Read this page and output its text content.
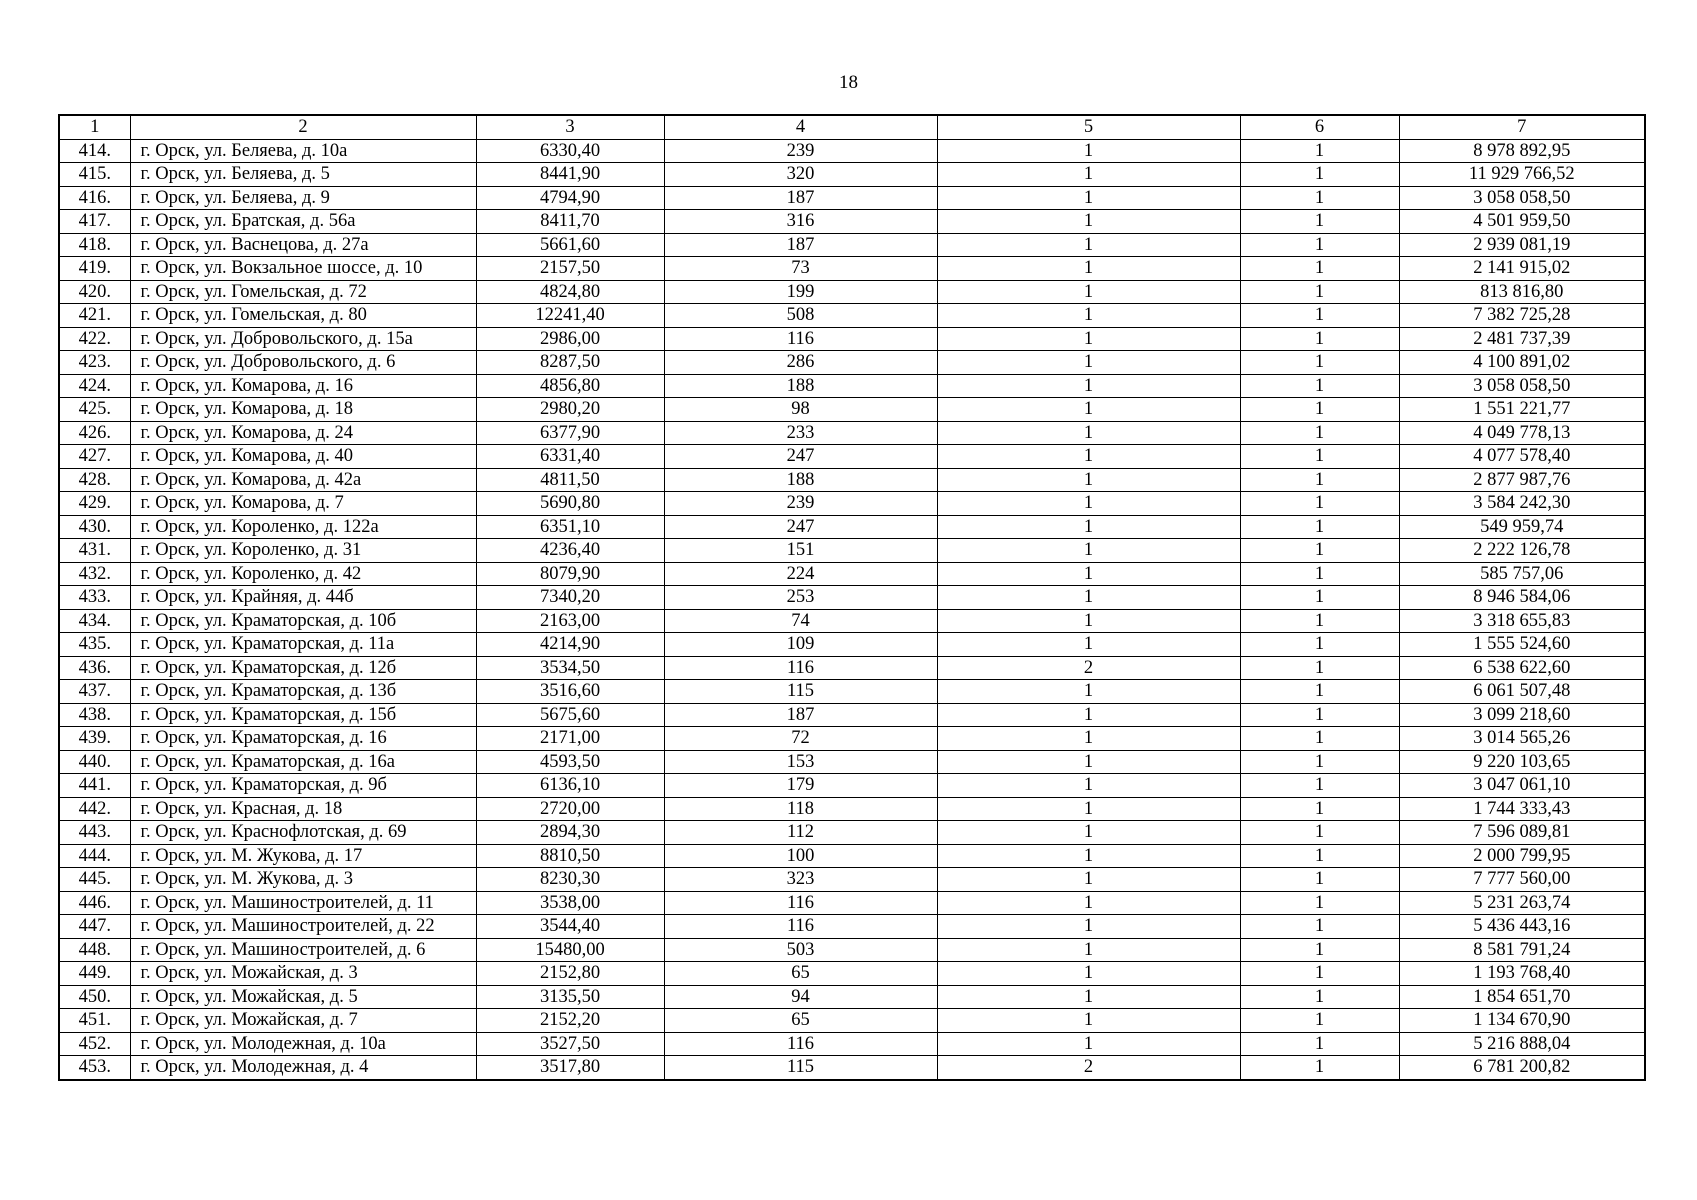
18
1	2	3	4	5	6	7
414.	г. Орск, ул. Беляева, д. 10а	6330,40	239	1	1	8 978 892,95
415.	г. Орск, ул. Беляева, д. 5	8441,90	320	1	1	11 929 766,52
416.	г. Орск, ул. Беляева, д. 9	4794,90	187	1	1	3 058 058,50
417.	г. Орск, ул. Братская, д. 56а	8411,70	316	1	1	4 501 959,50
418.	г. Орск, ул. Васнецова, д. 27а	5661,60	187	1	1	2 939 081,19
419.	г. Орск, ул. Вокзальное шоссе, д. 10	2157,50	73	1	1	2 141 915,02
420.	г. Орск, ул. Гомельская, д. 72	4824,80	199	1	1	813 816,80
421.	г. Орск, ул. Гомельская, д. 80	12241,40	508	1	1	7 382 725,28
422.	г. Орск, ул. Добровольского, д. 15а	2986,00	116	1	1	2 481 737,39
423.	г. Орск, ул. Добровольского, д. 6	8287,50	286	1	1	4 100 891,02
424.	г. Орск, ул. Комарова, д. 16	4856,80	188	1	1	3 058 058,50
425.	г. Орск, ул. Комарова, д. 18	2980,20	98	1	1	1 551 221,77
426.	г. Орск, ул. Комарова, д. 24	6377,90	233	1	1	4 049 778,13
427.	г. Орск, ул. Комарова, д. 40	6331,40	247	1	1	4 077 578,40
428.	г. Орск, ул. Комарова, д. 42а	4811,50	188	1	1	2 877 987,76
429.	г. Орск, ул. Комарова, д. 7	5690,80	239	1	1	3 584 242,30
430.	г. Орск, ул. Короленко, д. 122а	6351,10	247	1	1	549 959,74
431.	г. Орск, ул. Короленко, д. 31	4236,40	151	1	1	2 222 126,78
432.	г. Орск, ул. Короленко, д. 42	8079,90	224	1	1	585 757,06
433.	г. Орск, ул. Крайняя, д. 44б	7340,20	253	1	1	8 946 584,06
434.	г. Орск, ул. Краматорская, д. 10б	2163,00	74	1	1	3 318 655,83
435.	г. Орск, ул. Краматорская, д. 11а	4214,90	109	1	1	1 555 524,60
436.	г. Орск, ул. Краматорская, д. 12б	3534,50	116	2	1	6 538 622,60
437.	г. Орск, ул. Краматорская, д. 13б	3516,60	115	1	1	6 061 507,48
438.	г. Орск, ул. Краматорская, д. 15б	5675,60	187	1	1	3 099 218,60
439.	г. Орск, ул. Краматорская, д. 16	2171,00	72	1	1	3 014 565,26
440.	г. Орск, ул. Краматорская, д. 16а	4593,50	153	1	1	9 220 103,65
441.	г. Орск, ул. Краматорская, д. 9б	6136,10	179	1	1	3 047 061,10
442.	г. Орск, ул. Красная, д. 18	2720,00	118	1	1	1 744 333,43
443.	г. Орск, ул. Краснофлотская, д. 69	2894,30	112	1	1	7 596 089,81
444.	г. Орск, ул. М. Жукова, д. 17	8810,50	100	1	1	2 000 799,95
445.	г. Орск, ул. М. Жукова, д. 3	8230,30	323	1	1	7 777 560,00
446.	г. Орск, ул. Машиностроителей, д. 11	3538,00	116	1	1	5 231 263,74
447.	г. Орск, ул. Машиностроителей, д. 22	3544,40	116	1	1	5 436 443,16
448.	г. Орск, ул. Машиностроителей, д. 6	15480,00	503	1	1	8 581 791,24
449.	г. Орск, ул. Можайская, д. 3	2152,80	65	1	1	1 193 768,40
450.	г. Орск, ул. Можайская, д. 5	3135,50	94	1	1	1 854 651,70
451.	г. Орск, ул. Можайская, д. 7	2152,20	65	1	1	1 134 670,90
452.	г. Орск, ул. Молодежная, д. 10а	3527,50	116	1	1	5 216 888,04
453.	г. Орск, ул. Молодежная, д. 4	3517,80	115	2	1	6 781 200,82
